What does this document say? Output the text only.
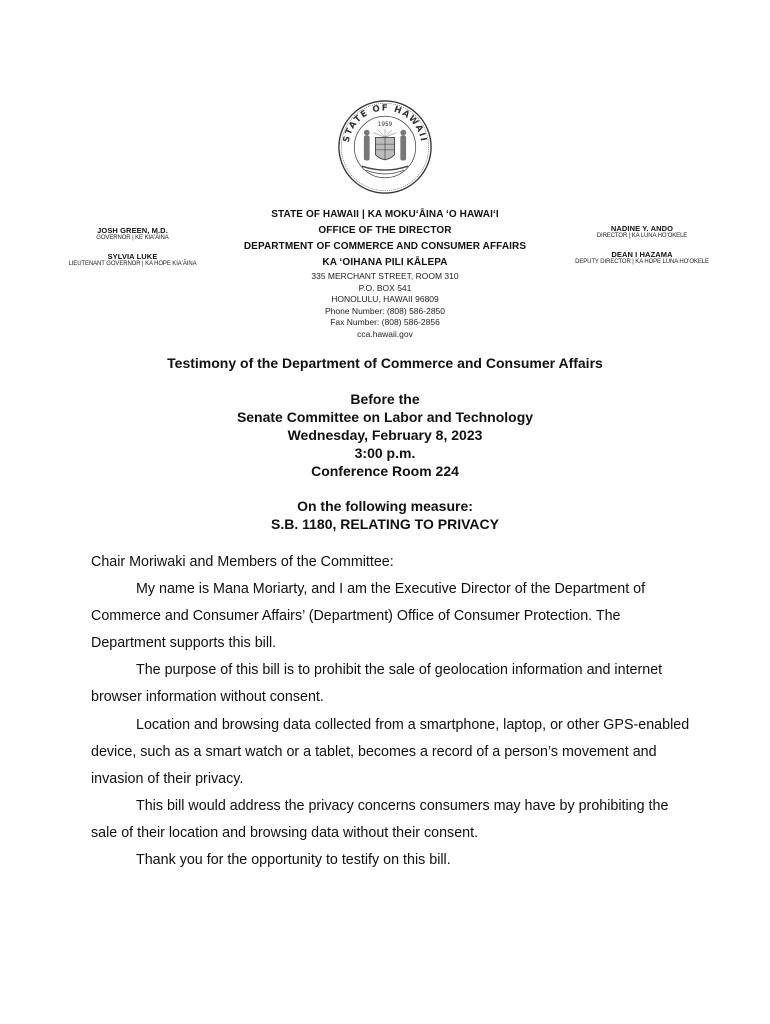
STATE OF HAWAII
1959
JOSH GREEN, M.D.
GOVERNOR | KE KIAʻĀINA
SYLVIA LUKE
LIEUTENANT GOVERNOR | KA HOPE KIAʻĀINA
NADINE Y. ANDO
DIRECTOR | KA LUNA HOʻOKELE
DEAN I HAZAMA
DEPUTY DIRECTOR | KA HOPE LUNA HOʻOKELE
STATE OF HAWAII | KA MOKUʻĀINA ʻO HAWAIʻI
OFFICE OF THE DIRECTOR
DEPARTMENT OF COMMERCE AND CONSUMER AFFAIRS
KA ʻOIHANA PILI KĀLEPA
335 MERCHANT STREET, ROOM 310
P.O. BOX 541
HONOLULU, HAWAII 96809
Phone Number: (808) 586-2850
Fax Number: (808) 586-2856
cca.hawaii.gov
Testimony of the Department of Commerce and Consumer Affairs
Before the
Senate Committee on Labor and Technology
Wednesday, February 8, 2023
3:00 p.m.
Conference Room 224
On the following measure:
S.B. 1180, RELATING TO PRIVACY

Chair Moriwaki and Members of the Committee:

My name is Mana Moriarty, and I am the Executive Director of the Department of Commerce and Consumer Affairs’ (Department) Office of Consumer Protection. The Department supports this bill.

The purpose of this bill is to prohibit the sale of geolocation information and internet browser information without consent.

Location and browsing data collected from a smartphone, laptop, or other GPS-enabled device, such as a smart watch or a tablet, becomes a record of a person’s movement and invasion of their privacy.

This bill would address the privacy concerns consumers may have by prohibiting the sale of their location and browsing data without their consent.

Thank you for the opportunity to testify on this bill.
